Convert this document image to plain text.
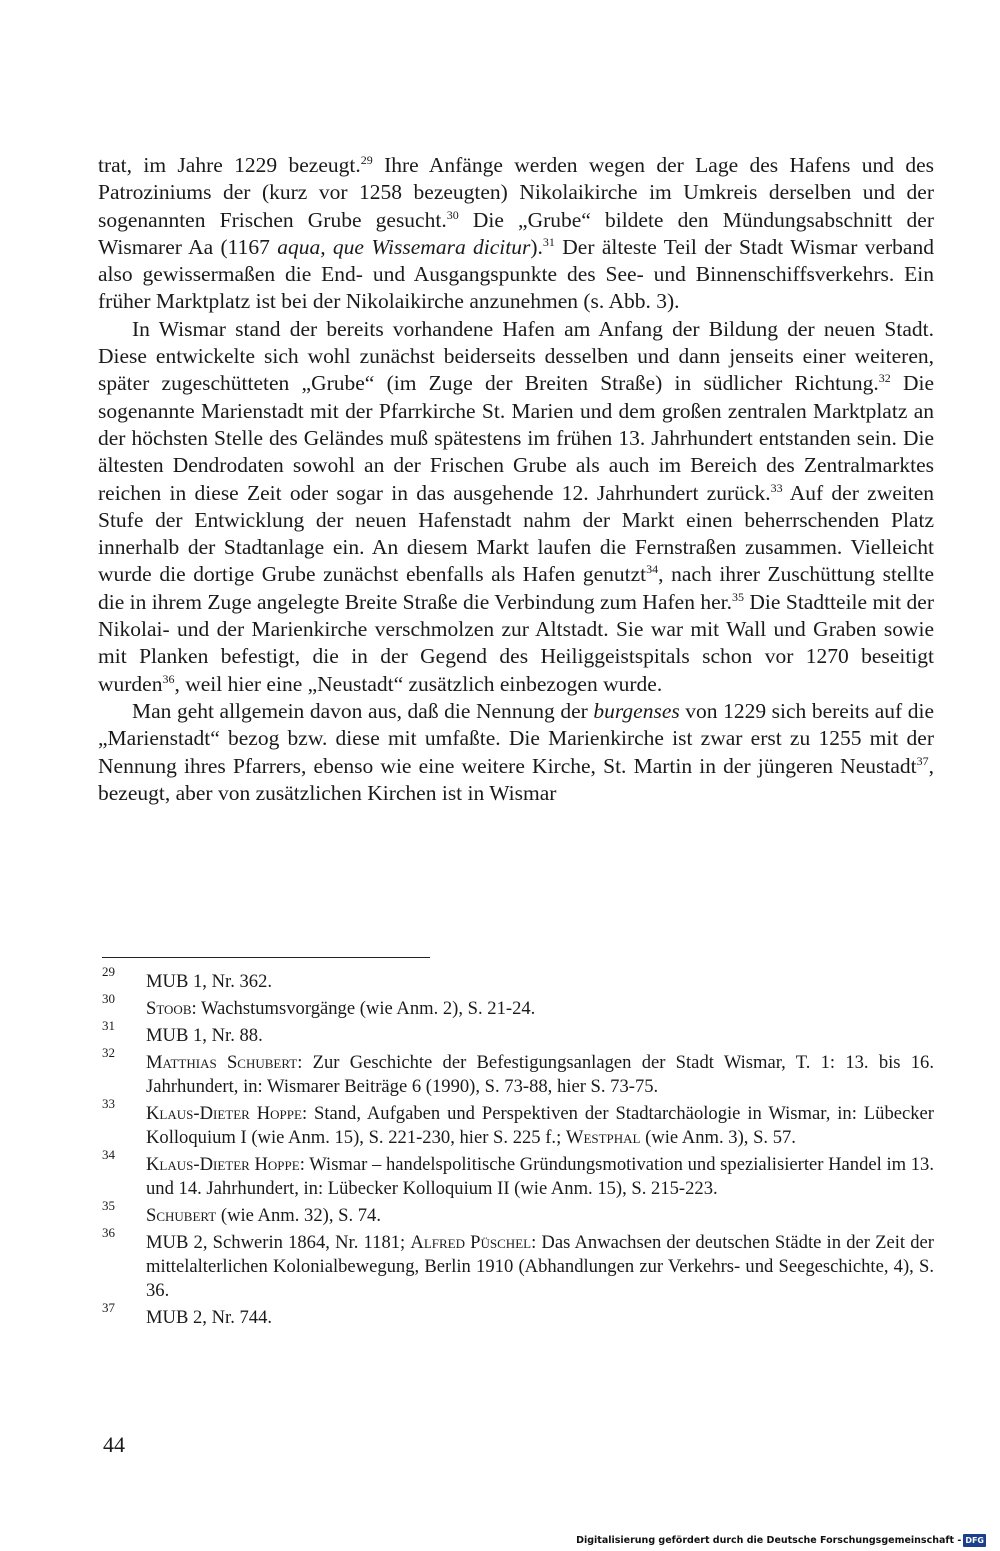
trat, im Jahre 1229 bezeugt.$^{29}$ Ihre Anfänge werden wegen der Lage des Hafens und des Patroziniums der (kurz vor 1258 bezeugten) Nikolaikirche im Umkreis derselben und der sogenannten Frischen Grube gesucht.$^{30}$ Die „Grube“ bildete den Mündungsabschnitt der Wismarer Aa (1167 aqua, que Wissemara dicitur).$^{31}$ Der älteste Teil der Stadt Wismar verband also gewissermaßen die End- und Ausgangspunkte des See- und Binnenschiffsverkehrs. Ein früher Marktplatz ist bei der Nikolaikirche anzunehmen (s. Abb. 3).

In Wismar stand der bereits vorhandene Hafen am Anfang der Bildung der neuen Stadt. Diese entwickelte sich wohl zunächst beiderseits desselben und dann jenseits einer weiteren, später zugeschütteten „Grube“ (im Zuge der Breiten Straße) in südlicher Richtung.$^{32}$ Die sogenannte Marienstadt mit der Pfarrkirche St. Marien und dem großen zentralen Marktplatz an der höchsten Stelle des Geländes muß spätestens im frühen 13. Jahrhundert entstanden sein. Die ältesten Dendrodaten sowohl an der Frischen Grube als auch im Bereich des Zentralmarktes reichen in diese Zeit oder sogar in das ausgehende 12. Jahrhundert zurück.$^{33}$ Auf der zweiten Stufe der Entwicklung der neuen Hafenstadt nahm der Markt einen beherrschenden Platz innerhalb der Stadtanlage ein. An diesem Markt laufen die Fernstraßen zusammen. Vielleicht wurde die dortige Grube zunächst ebenfalls als Hafen genutzt$^{34}$, nach ihrer Zuschüttung stellte die in ihrem Zuge angelegte Breite Straße die Verbindung zum Hafen her.$^{35}$ Die Stadtteile mit der Nikolai- und der Marienkirche verschmolzen zur Altstadt. Sie war mit Wall und Graben sowie mit Planken befestigt, die in der Gegend des Heiliggeistspitals schon vor 1270 beseitigt wurden$^{36}$, weil hier eine „Neustadt“ zusätzlich einbezogen wurde.

Man geht allgemein davon aus, daß die Nennung der burgenses von 1229 sich bereits auf die „Marienstadt“ bezog bzw. diese mit umfaßte. Die Marienkirche ist zwar erst zu 1255 mit der Nennung ihres Pfarrers, ebenso wie eine weitere Kirche, St. Martin in der jüngeren Neustadt$^{37}$, bezeugt, aber von zusätzlichen Kirchen ist in Wismar

29 MUB 1, Nr. 362.
30 Stoob: Wachstumsvorgänge (wie Anm. 2), S. 21-24.
31 MUB 1, Nr. 88.
32 Matthias Schubert: Zur Geschichte der Befestigungsanlagen der Stadt Wismar, T. 1: 13. bis 16. Jahrhundert, in: Wismarer Beiträge 6 (1990), S. 73-88, hier S. 73-75.
33 Klaus-Dieter Hoppe: Stand, Aufgaben und Perspektiven der Stadtarchäologie in Wismar, in: Lübecker Kolloquium I (wie Anm. 15), S. 221-230, hier S. 225 f.; Westphal (wie Anm. 3), S. 57.
34 Klaus-Dieter Hoppe: Wismar – handelspolitische Gründungsmotivation und spezialisierter Handel im 13. und 14. Jahrhundert, in: Lübecker Kolloquium II (wie Anm. 15), S. 215-223.
35 Schubert (wie Anm. 32), S. 74.
36 MUB 2, Schwerin 1864, Nr. 1181; Alfred Püschel: Das Anwachsen der deutschen Städte in der Zeit der mittelalterlichen Kolonialbewegung, Berlin 1910 (Abhandlungen zur Verkehrs- und Seegeschichte, 4), S. 36.
37 MUB 2, Nr. 744.
44
Digitalisierung gefördert durch die Deutsche Forschungsgemeinschaft - DFG
